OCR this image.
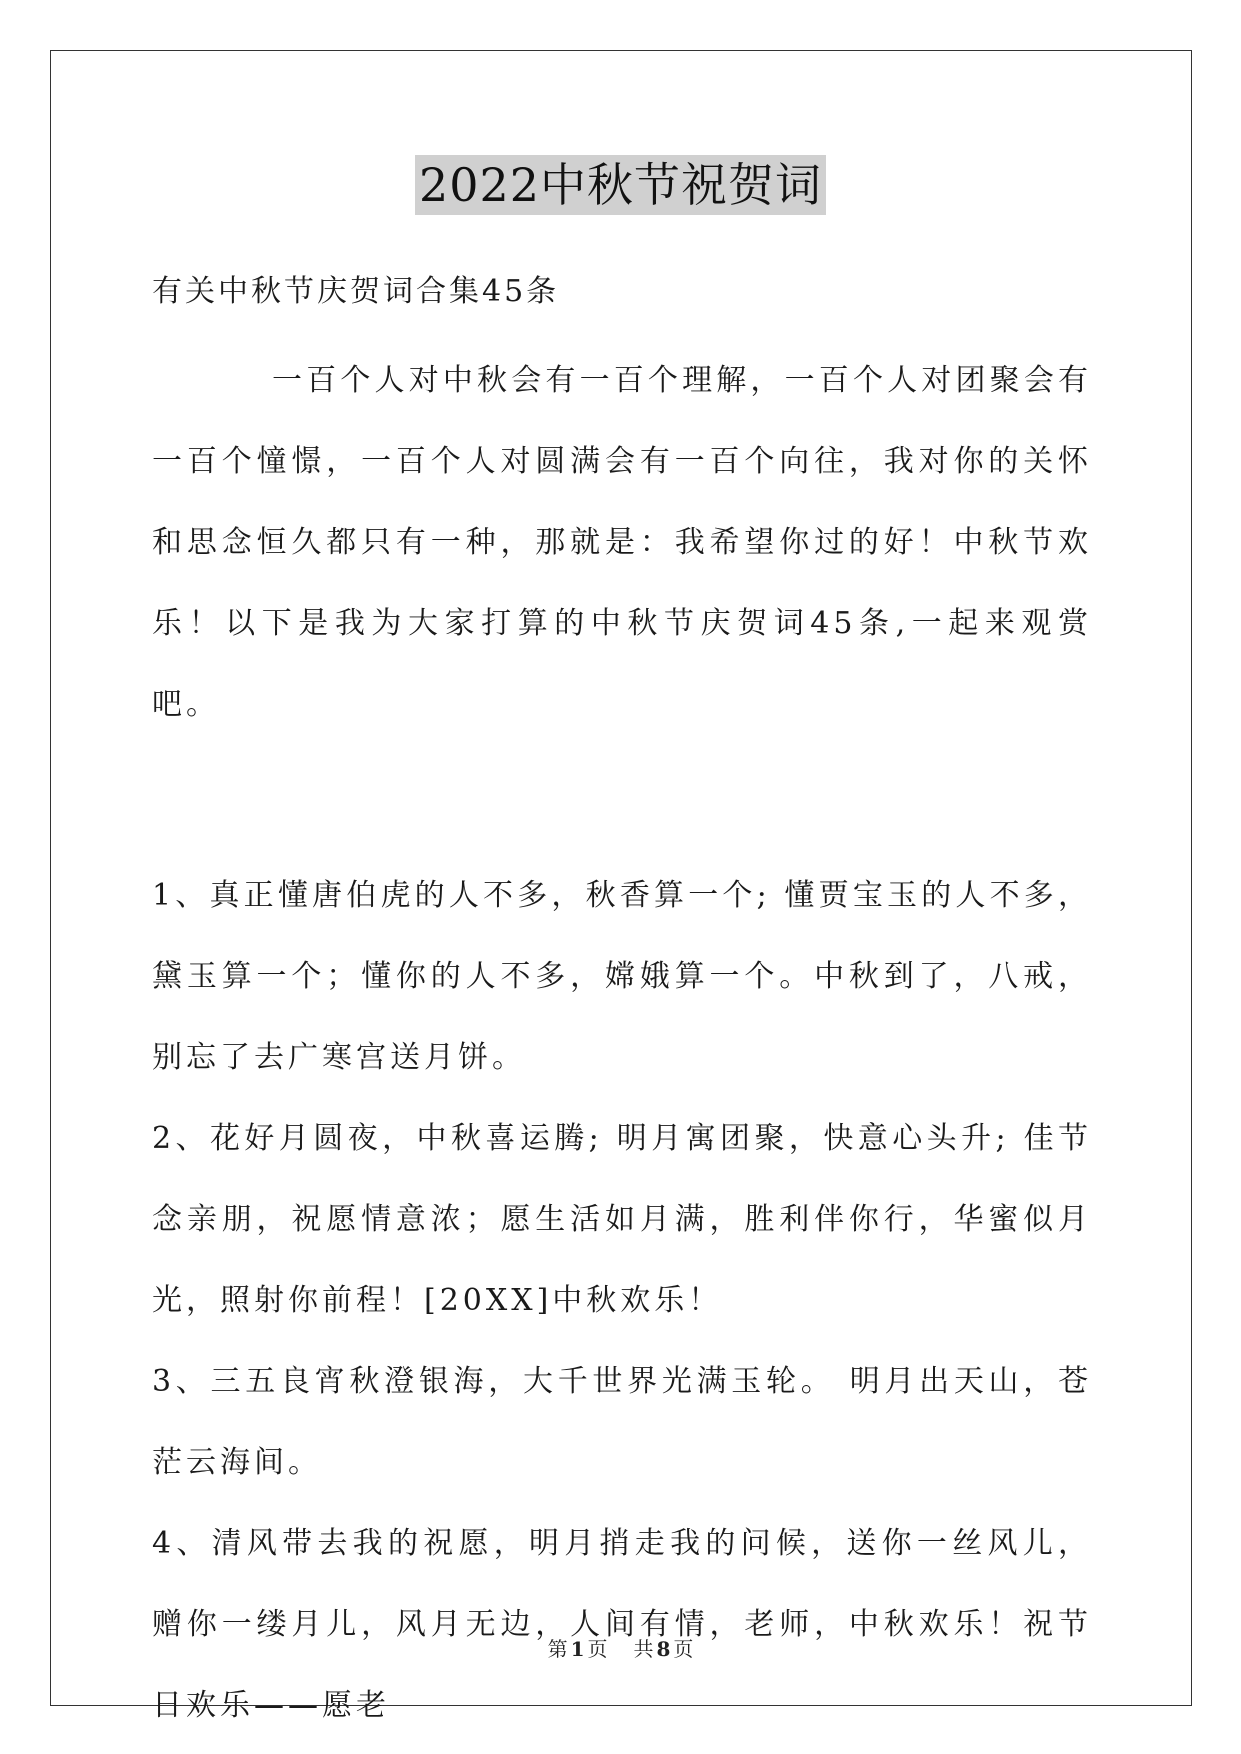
2022中秋节祝贺词

有关中秋节庆贺词合集45条

一百个人对中秋会有一百个理解，一百个人对团聚会有一百个憧憬，一百个人对圆满会有一百个向往，我对你的关怀和思念恒久都只有一种，那就是：我希望你过的好！中秋节欢乐！以下是我为大家打算的中秋节庆贺词45条,一起来观赏吧。

1、真正懂唐伯虎的人不多，秋香算一个; 懂贾宝玉的人不多，黛玉算一个；懂你的人不多，嫦娥算一个。中秋到了，八戒，别忘了去广寒宫送月饼。

2、花好月圆夜，中秋喜运腾; 明月寓团聚，快意心头升; 佳节念亲朋，祝愿情意浓；愿生活如月满，胜利伴你行，华蜜似月光，照射你前程！[20XX]中秋欢乐！

3、三五良宵秋澄银海，大千世界光满玉轮。 明月出天山，苍茫云海间。

4、清风带去我的祝愿，明月捎走我的问候，送你一丝风儿，赠你一缕月儿，风月无边，人间有情，老师，中秋欢乐！祝节日欢乐——愿老

第 1 页 共 8 页
